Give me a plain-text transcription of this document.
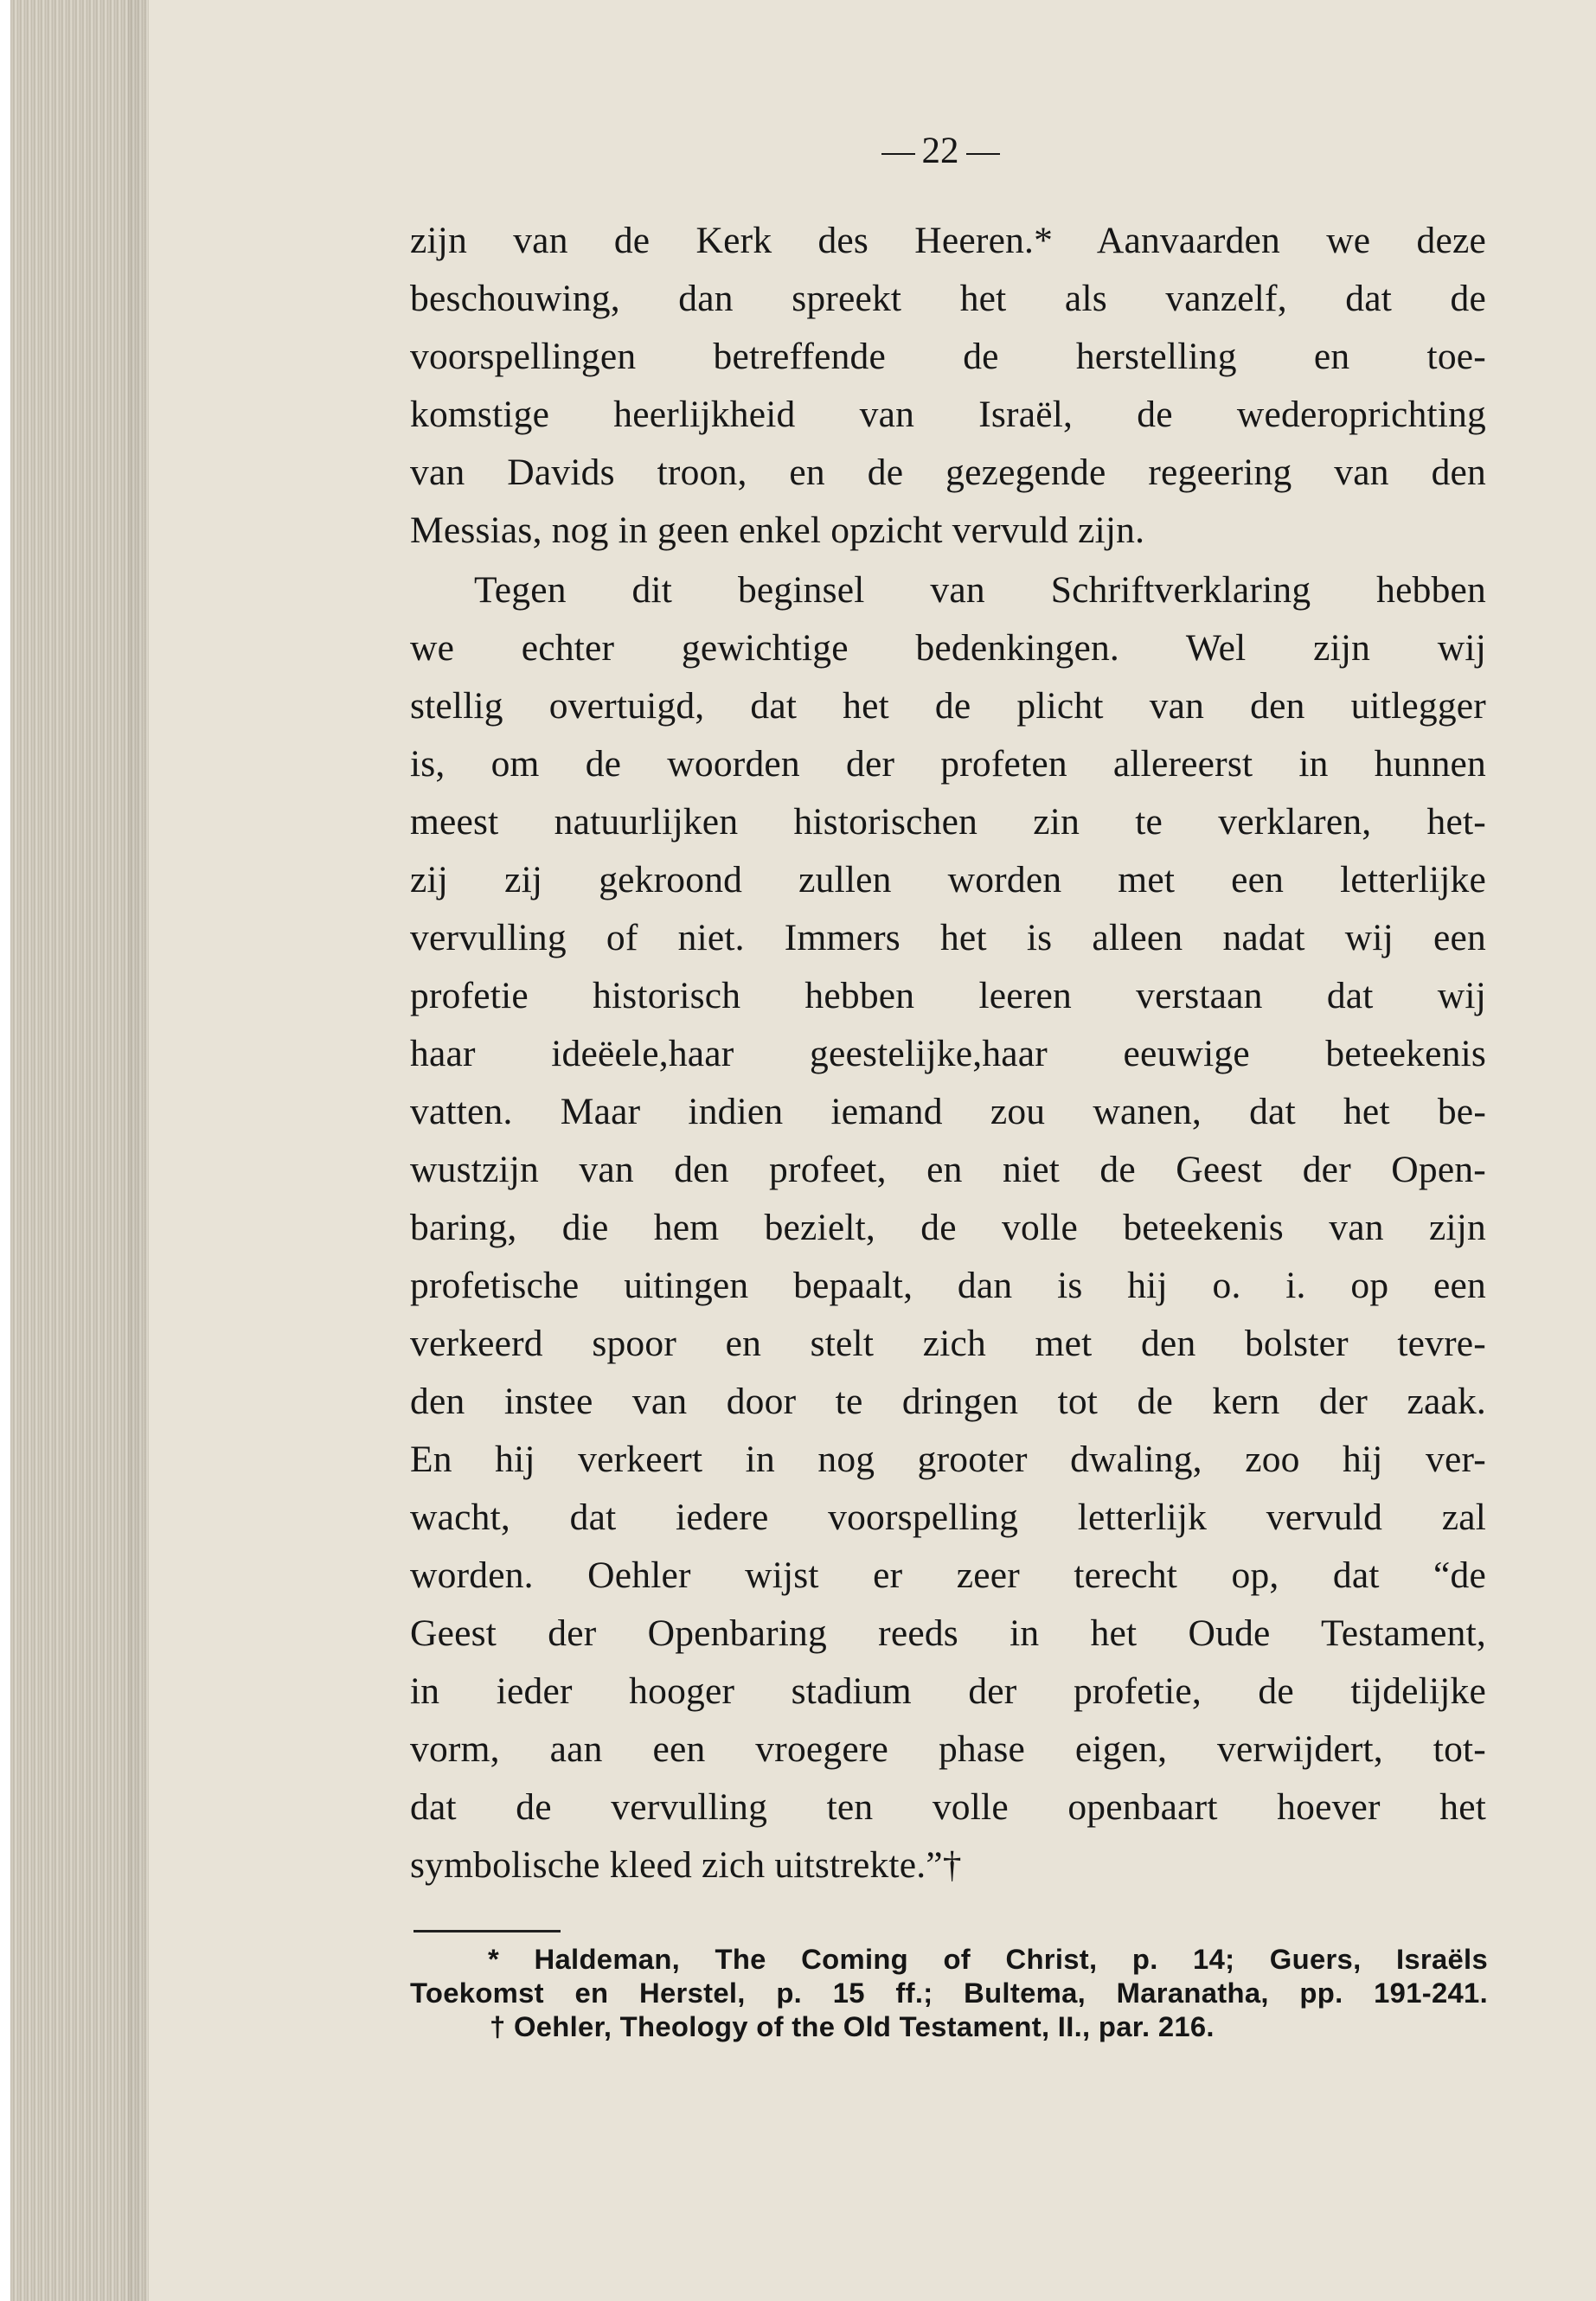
22
zijn van de Kerk des Heeren.* Aanvaarden we deze
beschouwing, dan spreekt het als vanzelf, dat de
voorspellingen betreffende de herstelling en toe-
komstige heerlijkheid van Israël, de wederoprichting
van Davids troon, en de gezegende regeering van den
Messias, nog in geen enkel opzicht vervuld zijn.
Tegen dit beginsel van Schriftverklaring hebben
we echter gewichtige bedenkingen. Wel zijn wij
stellig overtuigd, dat het de plicht van den uitlegger
is, om de woorden der profeten allereerst in hunnen
meest natuurlijken historischen zin te verklaren, het-
zij zij gekroond zullen worden met een letterlijke
vervulling of niet. Immers het is alleen nadat wij een
profetie historisch hebben leeren verstaan dat wij
haar ideëele,haar geestelijke,haar eeuwige beteekenis
vatten. Maar indien iemand zou wanen, dat het be-
wustzijn van den profeet, en niet de Geest der Open-
baring, die hem bezielt, de volle beteekenis van zijn
profetische uitingen bepaalt, dan is hij o. i. op een
verkeerd spoor en stelt zich met den bolster tevre-
den instee van door te dringen tot de kern der zaak.
En hij verkeert in nog grooter dwaling, zoo hij ver-
wacht, dat iedere voorspelling letterlijk vervuld zal
worden. Oehler wijst er zeer terecht op, dat “de
Geest der Openbaring reeds in het Oude Testament,
in ieder hooger stadium der profetie, de tijdelijke
vorm, aan een vroegere phase eigen, verwijdert, tot-
dat de vervulling ten volle openbaart hoever het
symbolische kleed zich uitstrekte.”†
* Haldeman, The Coming of Christ, p. 14; Guers, Israëls
Toekomst en Herstel, p. 15 ff.; Bultema, Maranatha, pp. 191-241.
† Oehler, Theology of the Old Testament, II., par. 216.
